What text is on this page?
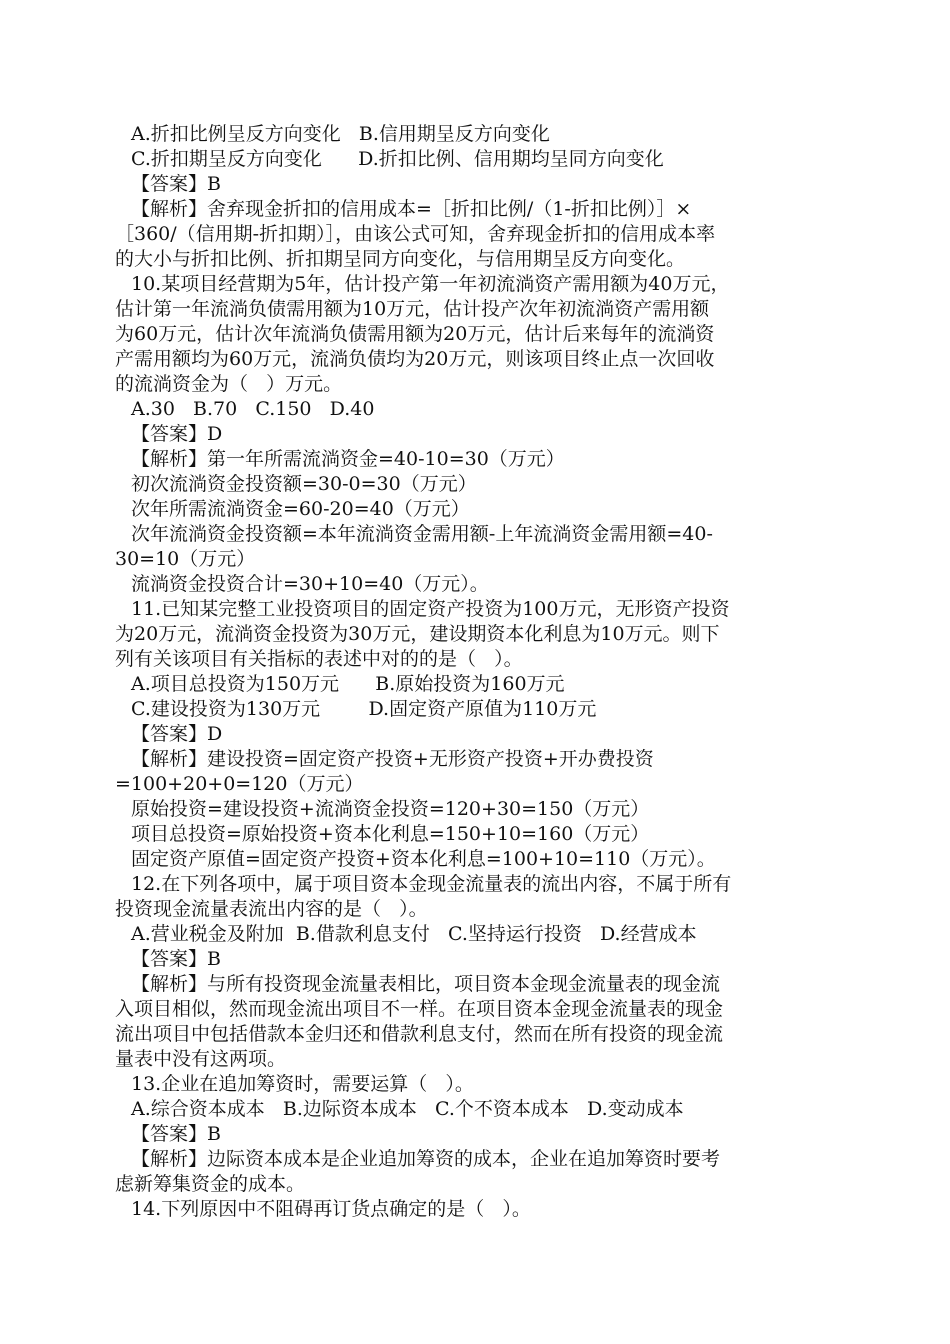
A.折扣比例呈反方向变化   B.信用期呈反方向变化
C.折扣期呈反方向变化      D.折扣比例、信用期均呈同方向变化
【答案】B
【解析】舍弃现金折扣的信用成本=［折扣比例/（1-折扣比例）］×
［360/（信用期-折扣期）］，由该公式可知，舍弃现金折扣的信用成本率
的大小与折扣比例、折扣期呈同方向变化，与信用期呈反方向变化。
10.某项目经营期为5年，估计投产第一年初流淌资产需用额为40万元，
估计第一年流淌负债需用额为10万元，估计投产次年初流淌资产需用额
为60万元，估计次年流淌负债需用额为20万元，估计后来每年的流淌资
产需用额均为60万元，流淌负债均为20万元，则该项目终止点一次回收
的流淌资金为（   ）万元。
A.30   B.70   C.150   D.40
【答案】D
【解析】第一年所需流淌资金=40-10=30（万元）
初次流淌资金投资额=30-0=30（万元）
次年所需流淌资金=60-20=40（万元）
次年流淌资金投资额=本年流淌资金需用额-上年流淌资金需用额=40-
30=10（万元）
流淌资金投资合计=30+10=40（万元）。
11.已知某完整工业投资项目的固定资产投资为100万元，无形资产投资
为20万元，流淌资金投资为30万元，建设期资本化利息为10万元。则下
列有关该项目有关指标的表述中对的的是（   ）。
A.项目总投资为150万元      B.原始投资为160万元
C.建设投资为130万元        D.固定资产原值为110万元
【答案】D
【解析】建设投资=固定资产投资+无形资产投资+开办费投资
=100+20+0=120（万元）
原始投资=建设投资+流淌资金投资=120+30=150（万元）
项目总投资=原始投资+资本化利息=150+10=160（万元）
固定资产原值=固定资产投资+资本化利息=100+10=110（万元）。
12.在下列各项中，属于项目资本金现金流量表的流出内容，不属于所有
投资现金流量表流出内容的是（   ）。
A.营业税金及附加  B.借款利息支付   C.坚持运行投资   D.经营成本
【答案】B
【解析】与所有投资现金流量表相比，项目资本金现金流量表的现金流
入项目相似，然而现金流出项目不一样。在项目资本金现金流量表的现金
流出项目中包括借款本金归还和借款利息支付，然而在所有投资的现金流
量表中没有这两项。
13.企业在追加筹资时，需要运算（   ）。
A.综合资本成本   B.边际资本成本   C.个不资本成本   D.变动成本
【答案】B
【解析】边际资本成本是企业追加筹资的成本，企业在追加筹资时要考
虑新筹集资金的成本。
14.下列原因中不阻碍再订货点确定的是（   ）。
